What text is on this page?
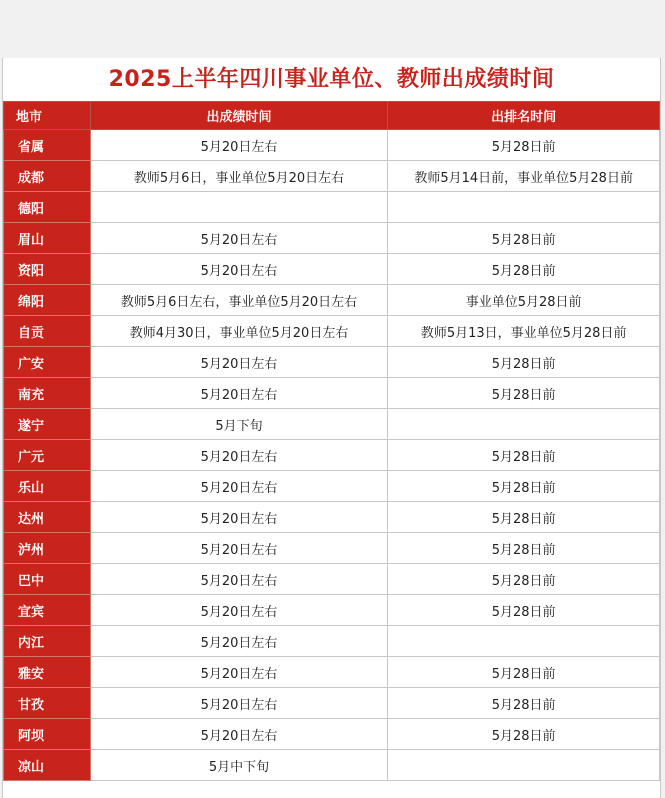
2025上半年四川事业单位、教师出成绩时间
地市	出成绩时间	出排名时间
省属	5月20日左右	5月28日前
成都	教师5月6日，事业单位5月20日左右	教师5月14日前，事业单位5月28日前
德阳		
眉山	5月20日左右	5月28日前
资阳	5月20日左右	5月28日前
绵阳	教师5月6日左右，事业单位5月20日左右	事业单位5月28日前
自贡	教师4月30日，事业单位5月20日左右	教师5月13日，事业单位5月28日前
广安	5月20日左右	5月28日前
南充	5月20日左右	5月28日前
遂宁	5月下旬	
广元	5月20日左右	5月28日前
乐山	5月20日左右	5月28日前
达州	5月20日左右	5月28日前
泸州	5月20日左右	5月28日前
巴中	5月20日左右	5月28日前
宜宾	5月20日左右	5月28日前
内江	5月20日左右	
雅安	5月20日左右	5月28日前
甘孜	5月20日左右	5月28日前
阿坝	5月20日左右	5月28日前
凉山	5月中下旬	
